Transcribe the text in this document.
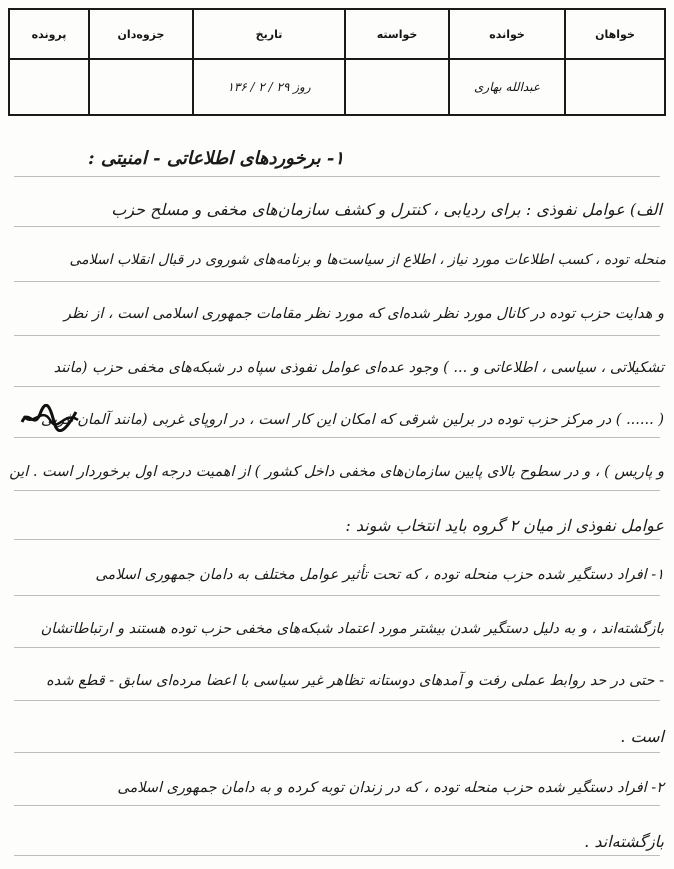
خواهان
خوانده
عبدالله بهاری
خواسته
تاریخ
روز ۲۹ / ۲ / ۱۳۶
جزوه‌دان
پرونده
۱- برخوردهای اطلاعاتی - امنیتی :
الف) عوامل نفوذی : برای ردیابی ، کنترل و کشف سازمان‌های مخفی و مسلح حزب
منحله توده ، کسب اطلاعات مورد نیاز ، اطلاع از سیاست‌ها و برنامه‌های شوروی در قبال انقلاب اسلامی
و هدایت حزب توده در کانال مورد نظر شده‌ای که مورد نظر مقامات جمهوری اسلامی است ، از نظر
تشکیلاتی ، سیاسی ، اطلاعاتی و ... ) وجود عده‌ای عوامل نفوذی سپاه در شبکه‌های مخفی حزب (مانند
( ...... ) در مرکز حزب توده در برلین شرقی که امکان این کار است ، در اروپای غربی (مانند آلمان غربی
و پاریس ) ، و در سطوح بالای پایین سازمان‌های مخفی داخل کشور ) از اهمیت درجه اول برخوردار است . این
عوامل نفوذی از میان ۲ گروه باید انتخاب شوند :
۱- افراد دستگیر شده حزب منحله توده ، که تحت تأثیر عوامل مختلف به دامان جمهوری اسلامی
بازگشته‌اند ، و به دلیل دستگیر شدن بیشتر مورد اعتماد شبکه‌های مخفی حزب توده هستند و ارتباطاتشان
- حتی در حد روابط عملی رفت و آمدهای دوستانه تظاهر غیر سیاسی با اعضا مرده‌ای سابق - قطع شده
است .
۲- افراد دستگیر شده حزب منحله توده ، که در زندان توبه کرده و به دامان جمهوری اسلامی
بازگشته‌اند .
